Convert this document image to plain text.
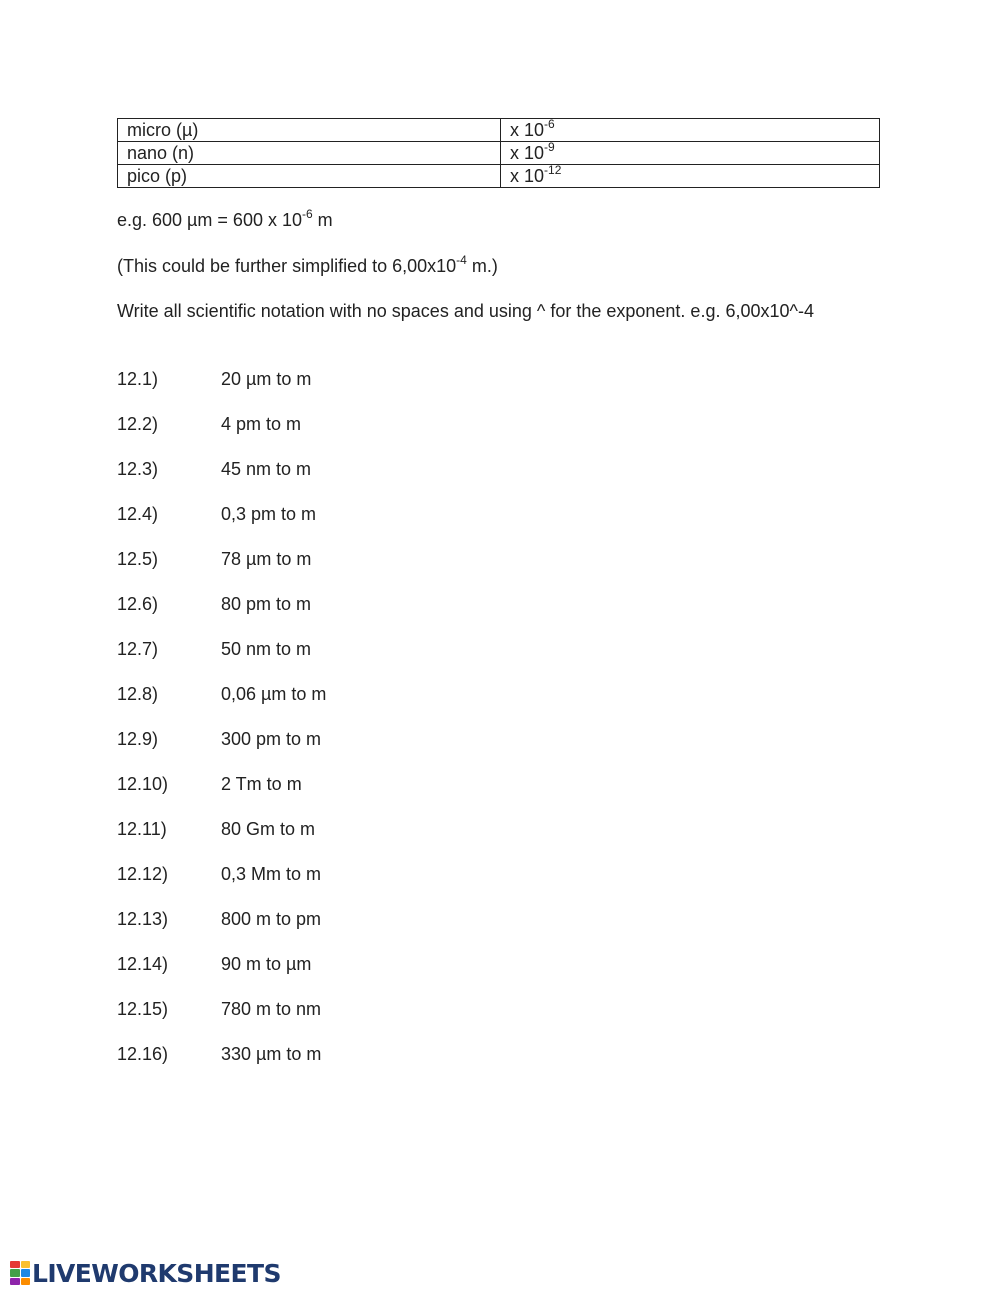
micro (µ)	x $10^{-6}$
nano (n)	x $10^{-9}$
pico (p)	x $10^{-12}$

e.g. 600 µm = 600 x $10^{-6}$ m

(This could be further simplified to $6,00x10^{-4}$ m.)

Write all scientific notation with no spaces and using ^ for the exponent. e.g. 6,00x10^-4

12.1)	20 µm to m
12.2)	4 pm to m
12.3)	45 nm to m
12.4)	0,3 pm to m
12.5)	78 µm to m
12.6)	80 pm to m
12.7)	50 nm to m
12.8)	0,06 µm to m
12.9)	300 pm to m
12.10)	2 Tm to m
12.11)	80 Gm to m
12.12)	0,3 Mm to m
12.13)	800 m to pm
12.14)	90 m to µm
12.15)	780 m to nm
12.16)	330 µm to m
LIVEWORKSHEETS
